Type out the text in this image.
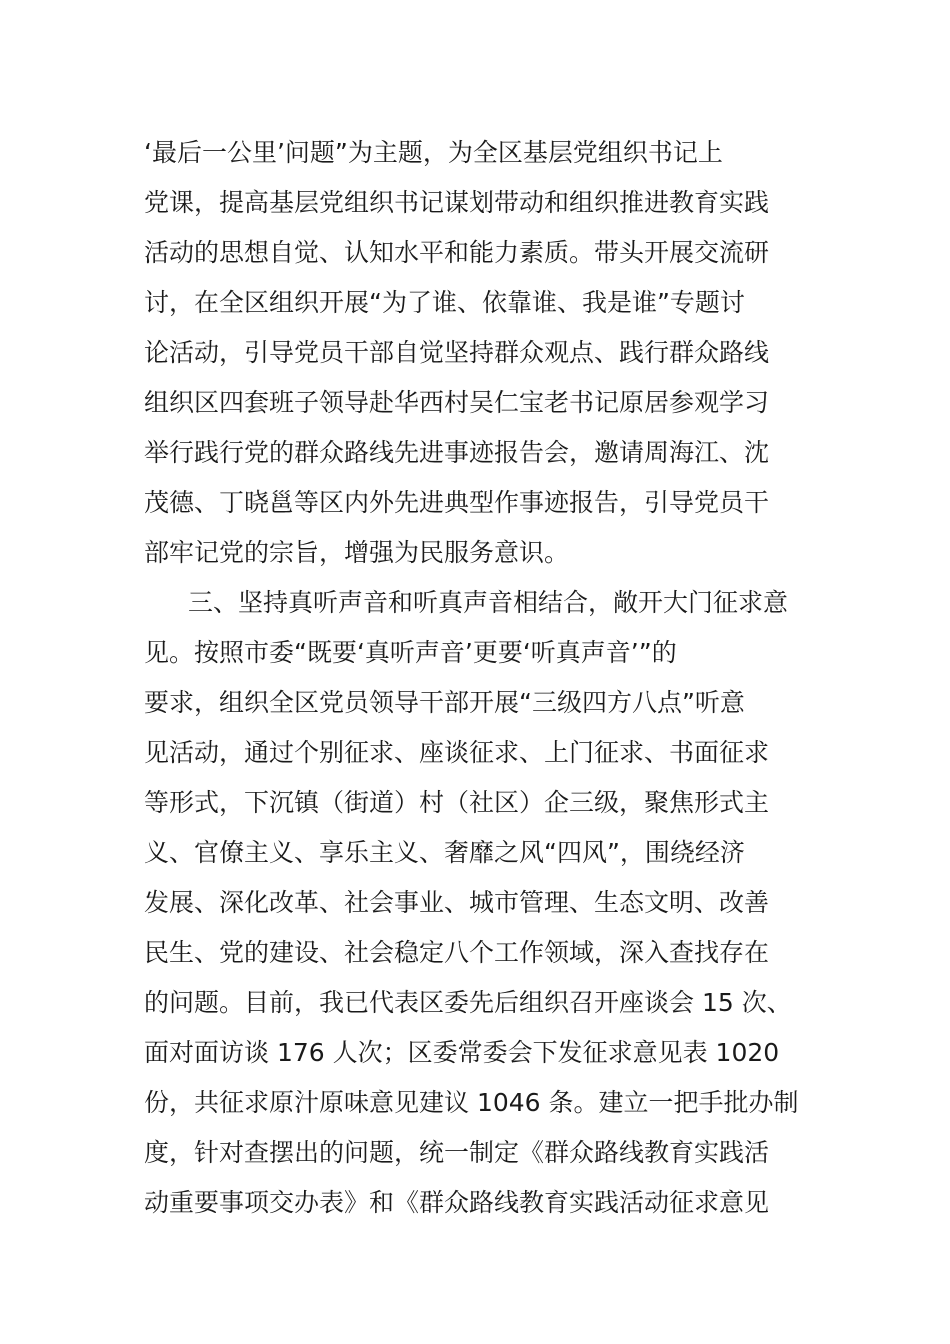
‘最后一公里’问题”为主题，为全区基层党组织书记上
党课，提高基层党组织书记谋划带动和组织推进教育实践
活动的思想自觉、认知水平和能力素质。带头开展交流研
讨，在全区组织开展“为了谁、依靠谁、我是谁”专题讨
论活动，引导党员干部自觉坚持群众观点、践行群众路线
组织区四套班子领导赴华西村吴仁宝老书记原居参观学习
举行践行党的群众路线先进事迹报告会，邀请周海江、沈
茂德、丁晓邕等区内外先进典型作事迹报告，引导党员干
部牢记党的宗旨，增强为民服务意识。
三、坚持真听声音和听真声音相结合，敞开大门征求意
见。按照市委“既要‘真听声音’更要‘听真声音’”的
要求，组织全区党员领导干部开展“三级四方八点”听意
见活动，通过个别征求、座谈征求、上门征求、书面征求
等形式，下沉镇（街道）村（社区）企三级，聚焦形式主
义、官僚主义、享乐主义、奢靡之风“四风”，围绕经济
发展、深化改革、社会事业、城市管理、生态文明、改善
民生、党的建设、社会稳定八个工作领域，深入查找存在
的问题。目前，我已代表区委先后组织召开座谈会 15 次、
面对面访谈 176 人次；区委常委会下发征求意见表 1020
份，共征求原汁原味意见建议 1046 条。建立一把手批办制
度，针对查摆出的问题，统一制定《群众路线教育实践活
动重要事项交办表》和《群众路线教育实践活动征求意见
